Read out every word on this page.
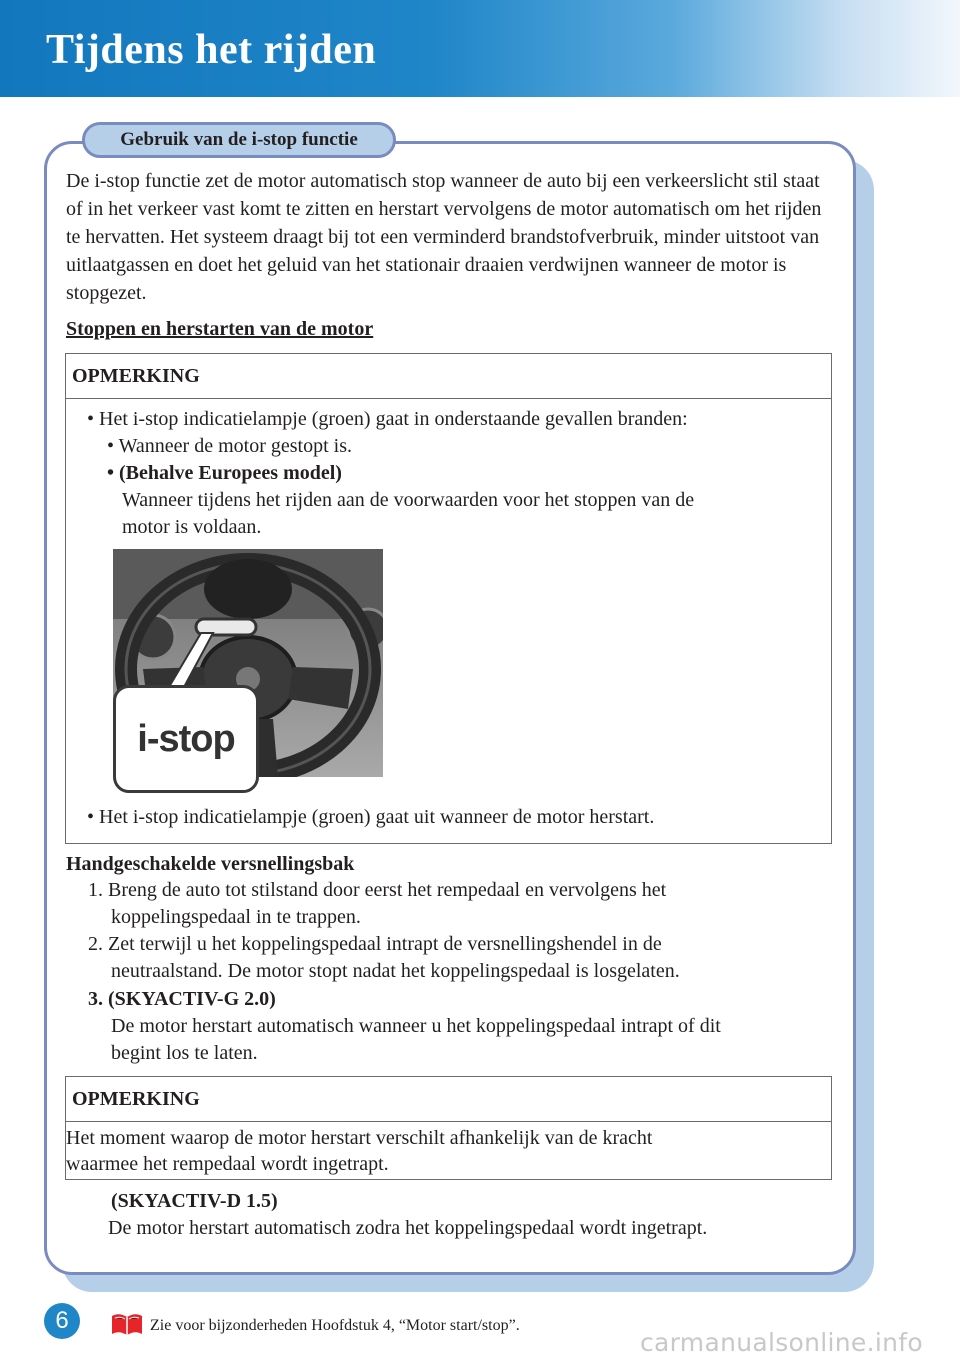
Tijdens het rijden
Gebruik van de i-stop functie
De i-stop functie zet de motor automatisch stop wanneer de auto bij een verkeerslicht stil staat of in het verkeer vast komt te zitten en herstart vervolgens de motor automatisch om het rijden te hervatten. Het systeem draagt bij tot een verminderd brandstofverbruik, minder uitstoot van uitlaatgassen en doet het geluid van het stationair draaien verdwijnen wanneer de motor is stopgezet.
Stoppen en herstarten van de motor
OPMERKING
• Het i-stop indicatielampje (groen) gaat in onderstaande gevallen branden:
• Wanneer de motor gestopt is.
• (Behalve Europees model)
Wanneer tijdens het rijden aan de voorwaarden voor het stoppen van de
motor is voldaan.
i-stop
• Het i-stop indicatielampje (groen) gaat uit wanneer de motor herstart.
Handgeschakelde versnellingsbak
1. Breng de auto tot stilstand door eerst het rempedaal en vervolgens het
koppelingspedaal in te trappen.
2. Zet terwijl u het koppelingspedaal intrapt de versnellingshendel in de
neutraalstand. De motor stopt nadat het koppelingspedaal is losgelaten.
3. (SKYACTIV-G 2.0)
De motor herstart automatisch wanneer u het koppelingspedaal intrapt of dit
begint los te laten.
OPMERKING
Het moment waarop de motor herstart verschilt afhankelijk van de kracht
waarmee het rempedaal wordt ingetrapt.
(SKYACTIV-D 1.5)
De motor herstart automatisch zodra het koppelingspedaal wordt ingetrapt.
6	Zie voor bijzonderheden Hoofdstuk 4, “Motor start/stop”.
carmanualsonline.info
